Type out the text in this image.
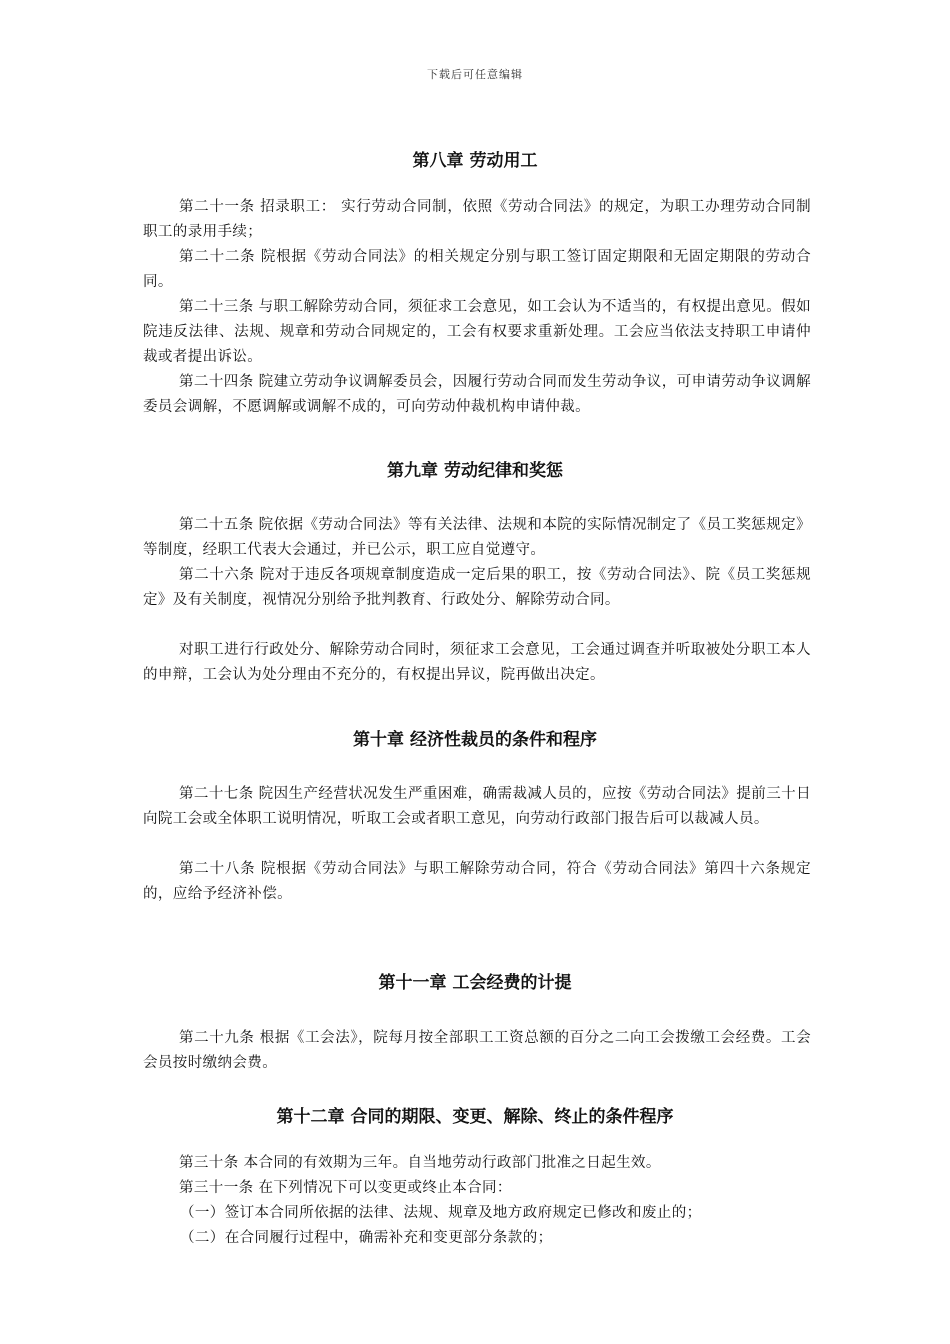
下载后可任意编辑
第八章 劳动用工

第二十一条 招录职工： 实行劳动合同制，依照《劳动合同法》的规定，为职工办理劳动合同制职工的录用手续；

第二十二条 院根据《劳动合同法》的相关规定分别与职工签订固定期限和无固定期限的劳动合同。

第二十三条 与职工解除劳动合同，须征求工会意见，如工会认为不适当的，有权提出意见。假如院违反法律、法规、规章和劳动合同规定的，工会有权要求重新处理。工会应当依法支持职工申请仲裁或者提出诉讼。

第二十四条 院建立劳动争议调解委员会，因履行劳动合同而发生劳动争议，可申请劳动争议调解委员会调解，不愿调解或调解不成的，可向劳动仲裁机构申请仲裁。

第九章 劳动纪律和奖惩

第二十五条 院依据《劳动合同法》等有关法律、法规和本院的实际情况制定了《员工奖惩规定》等制度，经职工代表大会通过，并已公示，职工应自觉遵守。

第二十六条 院对于违反各项规章制度造成一定后果的职工，按《劳动合同法》、院《员工奖惩规定》及有关制度，视情况分别给予批判教育、行政处分、解除劳动合同。

对职工进行行政处分、解除劳动合同时，须征求工会意见，工会通过调查并听取被处分职工本人的申辩，工会认为处分理由不充分的，有权提出异议，院再做出决定。

第十章 经济性裁员的条件和程序

第二十七条 院因生产经营状况发生严重困难，确需裁减人员的，应按《劳动合同法》提前三十日向院工会或全体职工说明情况，听取工会或者职工意见，向劳动行政部门报告后可以裁减人员。

第二十八条 院根据《劳动合同法》与职工解除劳动合同，符合《劳动合同法》第四十六条规定的，应给予经济补偿。

第十一章 工会经费的计提

第二十九条 根据《工会法》，院每月按全部职工工资总额的百分之二向工会拨缴工会经费。工会会员按时缴纳会费。

第十二章 合同的期限、变更、解除、终止的条件程序

第三十条 本合同的有效期为三年。自当地劳动行政部门批准之日起生效。

第三十一条 在下列情况下可以变更或终止本合同：

（一）签订本合同所依据的法律、法规、规章及地方政府规定已修改和废止的；

（二）在合同履行过程中，确需补充和变更部分条款的；
